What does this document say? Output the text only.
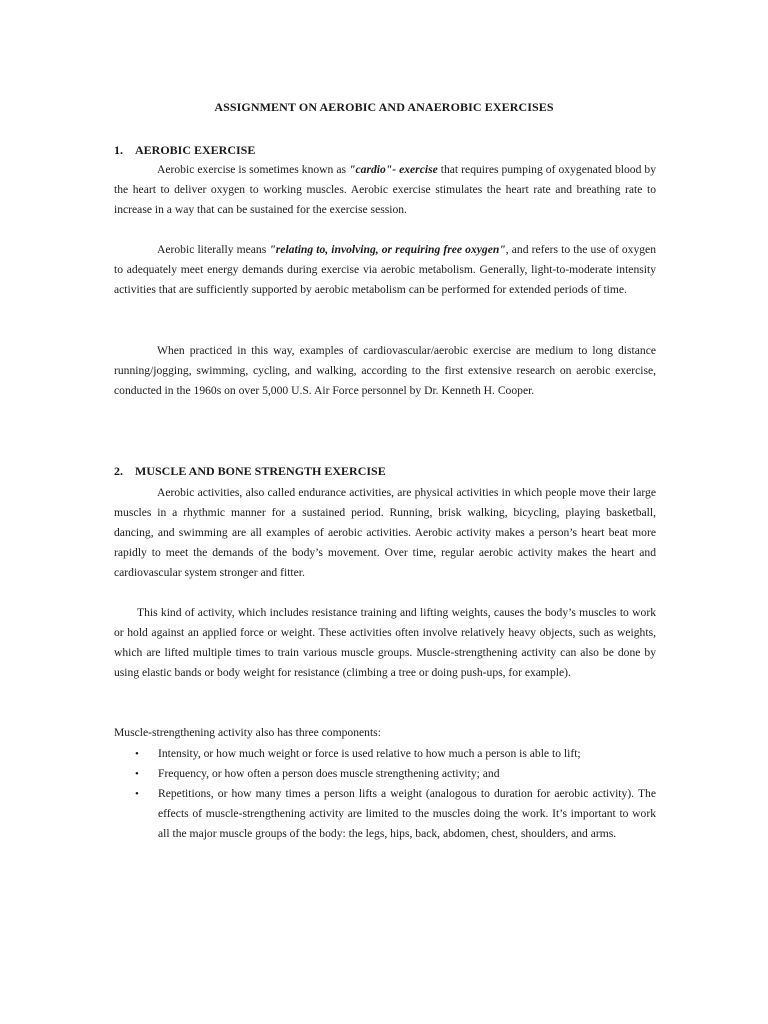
ASSIGNMENT ON AEROBIC AND ANAEROBIC EXERCISES
1. AEROBIC EXERCISE

Aerobic exercise is sometimes known as "cardio"- exercise that requires pumping of oxygenated blood by the heart to deliver oxygen to working muscles. Aerobic exercise stimulates the heart rate and breathing rate to increase in a way that can be sustained for the exercise session.

Aerobic literally means "relating to, involving, or requiring free oxygen", and refers to the use of oxygen to adequately meet energy demands during exercise via aerobic metabolism. Generally, light-to-moderate intensity activities that are sufficiently supported by aerobic metabolism can be performed for extended periods of time.

When practiced in this way, examples of cardiovascular/aerobic exercise are medium to long distance running/jogging, swimming, cycling, and walking, according to the first extensive research on aerobic exercise, conducted in the 1960s on over 5,000 U.S. Air Force personnel by Dr. Kenneth H. Cooper.

2. MUSCLE AND BONE STRENGTH EXERCISE

Aerobic activities, also called endurance activities, are physical activities in which people move their large muscles in a rhythmic manner for a sustained period. Running, brisk walking, bicycling, playing basketball, dancing, and swimming are all examples of aerobic activities. Aerobic activity makes a person’s heart beat more rapidly to meet the demands of the body’s movement. Over time, regular aerobic activity makes the heart and cardiovascular system stronger and fitter.

This kind of activity, which includes resistance training and lifting weights, causes the body’s muscles to work or hold against an applied force or weight. These activities often involve relatively heavy objects, such as weights, which are lifted multiple times to train various muscle groups. Muscle-strengthening activity can also be done by using elastic bands or body weight for resistance (climbing a tree or doing push-ups, for example).

Muscle-strengthening activity also has three components:

• Intensity, or how much weight or force is used relative to how much a person is able to lift;
• Frequency, or how often a person does muscle strengthening activity; and
• Repetitions, or how many times a person lifts a weight (analogous to duration for aerobic activity). The effects of muscle-strengthening activity are limited to the muscles doing the work. It’s important to work all the major muscle groups of the body: the legs, hips, back, abdomen, chest, shoulders, and arms.
